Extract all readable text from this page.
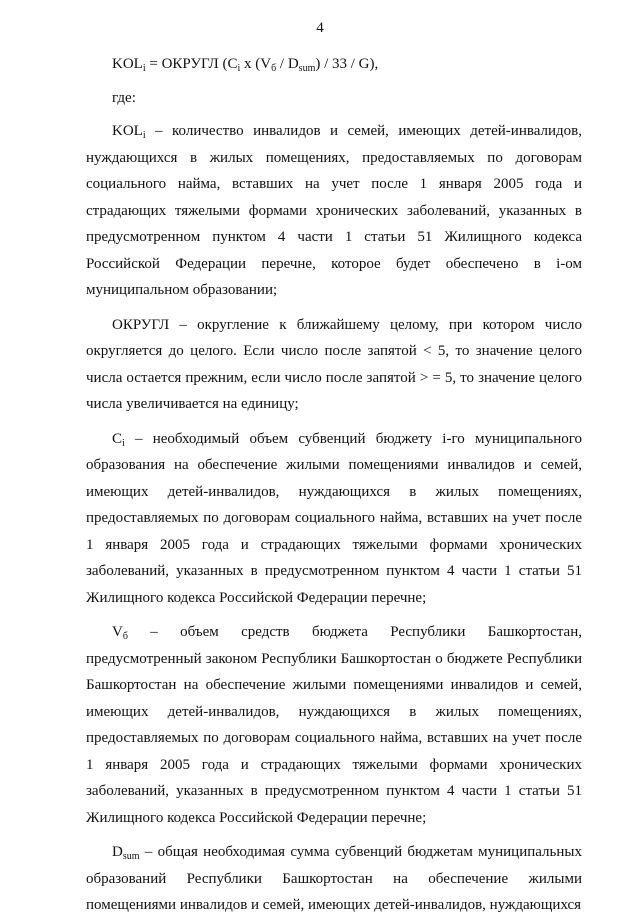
4

$KOL_i$ = ОКРУГЛ ($C_i$ x $(V_б / D_{sum}) / 33 / G$),

где:

$KOL_i$ – количество инвалидов и семей, имеющих детей-инвалидов, нуждающихся в жилых помещениях, предоставляемых по договорам социального найма, вставших на учет после 1 января 2005 года и страдающих тяжелыми формами хронических заболеваний, указанных в предусмотренном пунктом 4 части 1 статьи 51 Жилищного кодекса Российской Федерации перечне, которое будет обеспечено в i-ом муниципальном образовании;

ОКРУГЛ – округление к ближайшему целому, при котором число округляется до целого. Если число после запятой < 5, то значение целого числа остается прежним, если число после запятой > = 5, то значение целого числа увеличивается на единицу;

$C_i$ – необходимый объем субвенций бюджету i-го муниципального образования на обеспечение жилыми помещениями инвалидов и семей, имеющих детей-инвалидов, нуждающихся в жилых помещениях, предоставляемых по договорам социального найма, вставших на учет после 1 января 2005 года и страдающих тяжелыми формами хронических заболеваний, указанных в предусмотренном пунктом 4 части 1 статьи 51 Жилищного кодекса Российской Федерации перечне;

$V_б$ – объем средств бюджета Республики Башкортостан, предусмотренный законом Республики Башкортостан о бюджете Республики Башкортостан на обеспечение жилыми помещениями инвалидов и семей, имеющих детей-инвалидов, нуждающихся в жилых помещениях, предоставляемых по договорам социального найма, вставших на учет после 1 января 2005 года и страдающих тяжелыми формами хронических заболеваний, указанных в предусмотренном пунктом 4 части 1 статьи 51 Жилищного кодекса Российской Федерации перечне;

$D_{sum}$ – общая необходимая сумма субвенций бюджетам муниципальных образований Республики Башкортостан на обеспечение жилыми помещениями инвалидов и семей, имеющих детей-инвалидов, нуждающихся
